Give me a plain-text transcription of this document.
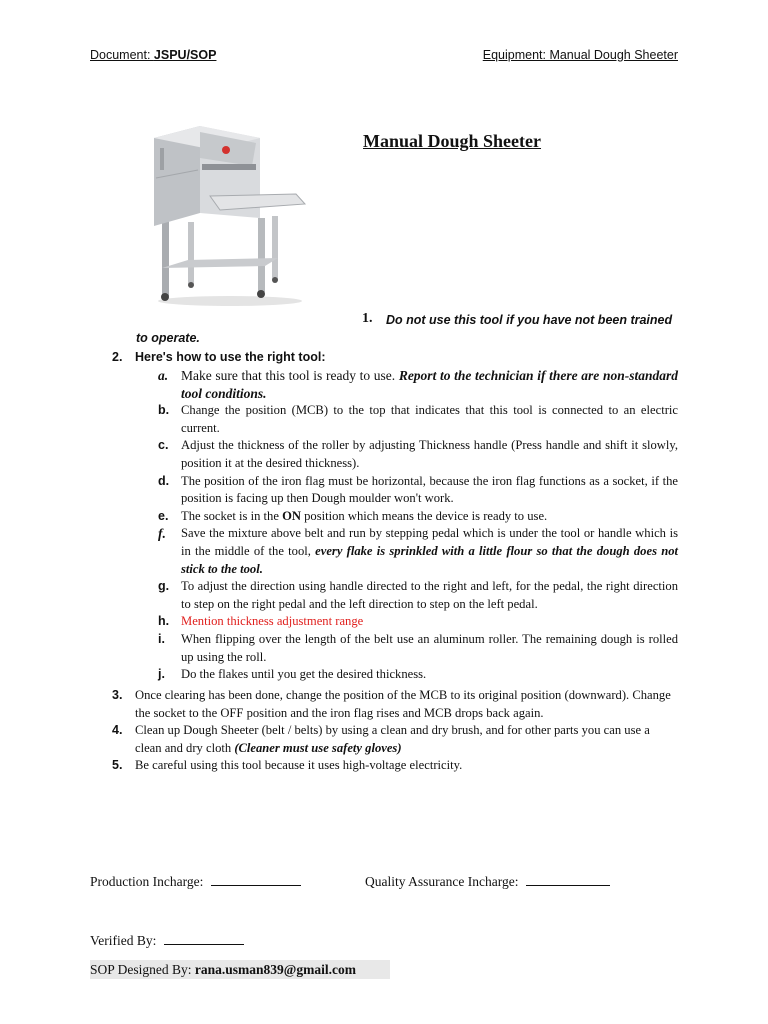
Document: JSPU/SOP	Equipment: Manual Dough Sheeter
Manual Dough Sheeter
1. Do not use this tool if you have not been trained
to operate.
2. Here's how to use the right tool:
a. Make sure that this tool is ready to use. Report to the technician if there are non-standard tool conditions.
b. Change the position (MCB) to the top that indicates that this tool is connected to an electric current.
c. Adjust the thickness of the roller by adjusting Thickness handle (Press handle and shift it slowly, position it at the desired thickness).
d. The position of the iron flag must be horizontal, because the iron flag functions as a socket, if the position is facing up then Dough moulder won't work.
e. The socket is in the ON position which means the device is ready to use.
f. Save the mixture above belt and run by stepping pedal which is under the tool or handle which is in the middle of the tool, every flake is sprinkled with a little flour so that the dough does not stick to the tool.
g. To adjust the direction using handle directed to the right and left, for the pedal, the right direction to step on the right pedal and the left direction to step on the left pedal.
h. Mention thickness adjustment range
i. When flipping over the length of the belt use an aluminum roller. The remaining dough is rolled up using the roll.
j. Do the flakes until you get the desired thickness.
3. Once clearing has been done, change the position of the MCB to its original position (downward). Change the socket to the OFF position and the iron flag rises and MCB drops back again.
4. Clean up Dough Sheeter (belt / belts) by using a clean and dry brush, and for other parts you can use a clean and dry cloth (Cleaner must use safety gloves)
5. Be careful using this tool because it uses high-voltage electricity.
Production Incharge:	Quality Assurance Incharge:
Verified By:
SOP Designed By: rana.usman839@gmail.com
